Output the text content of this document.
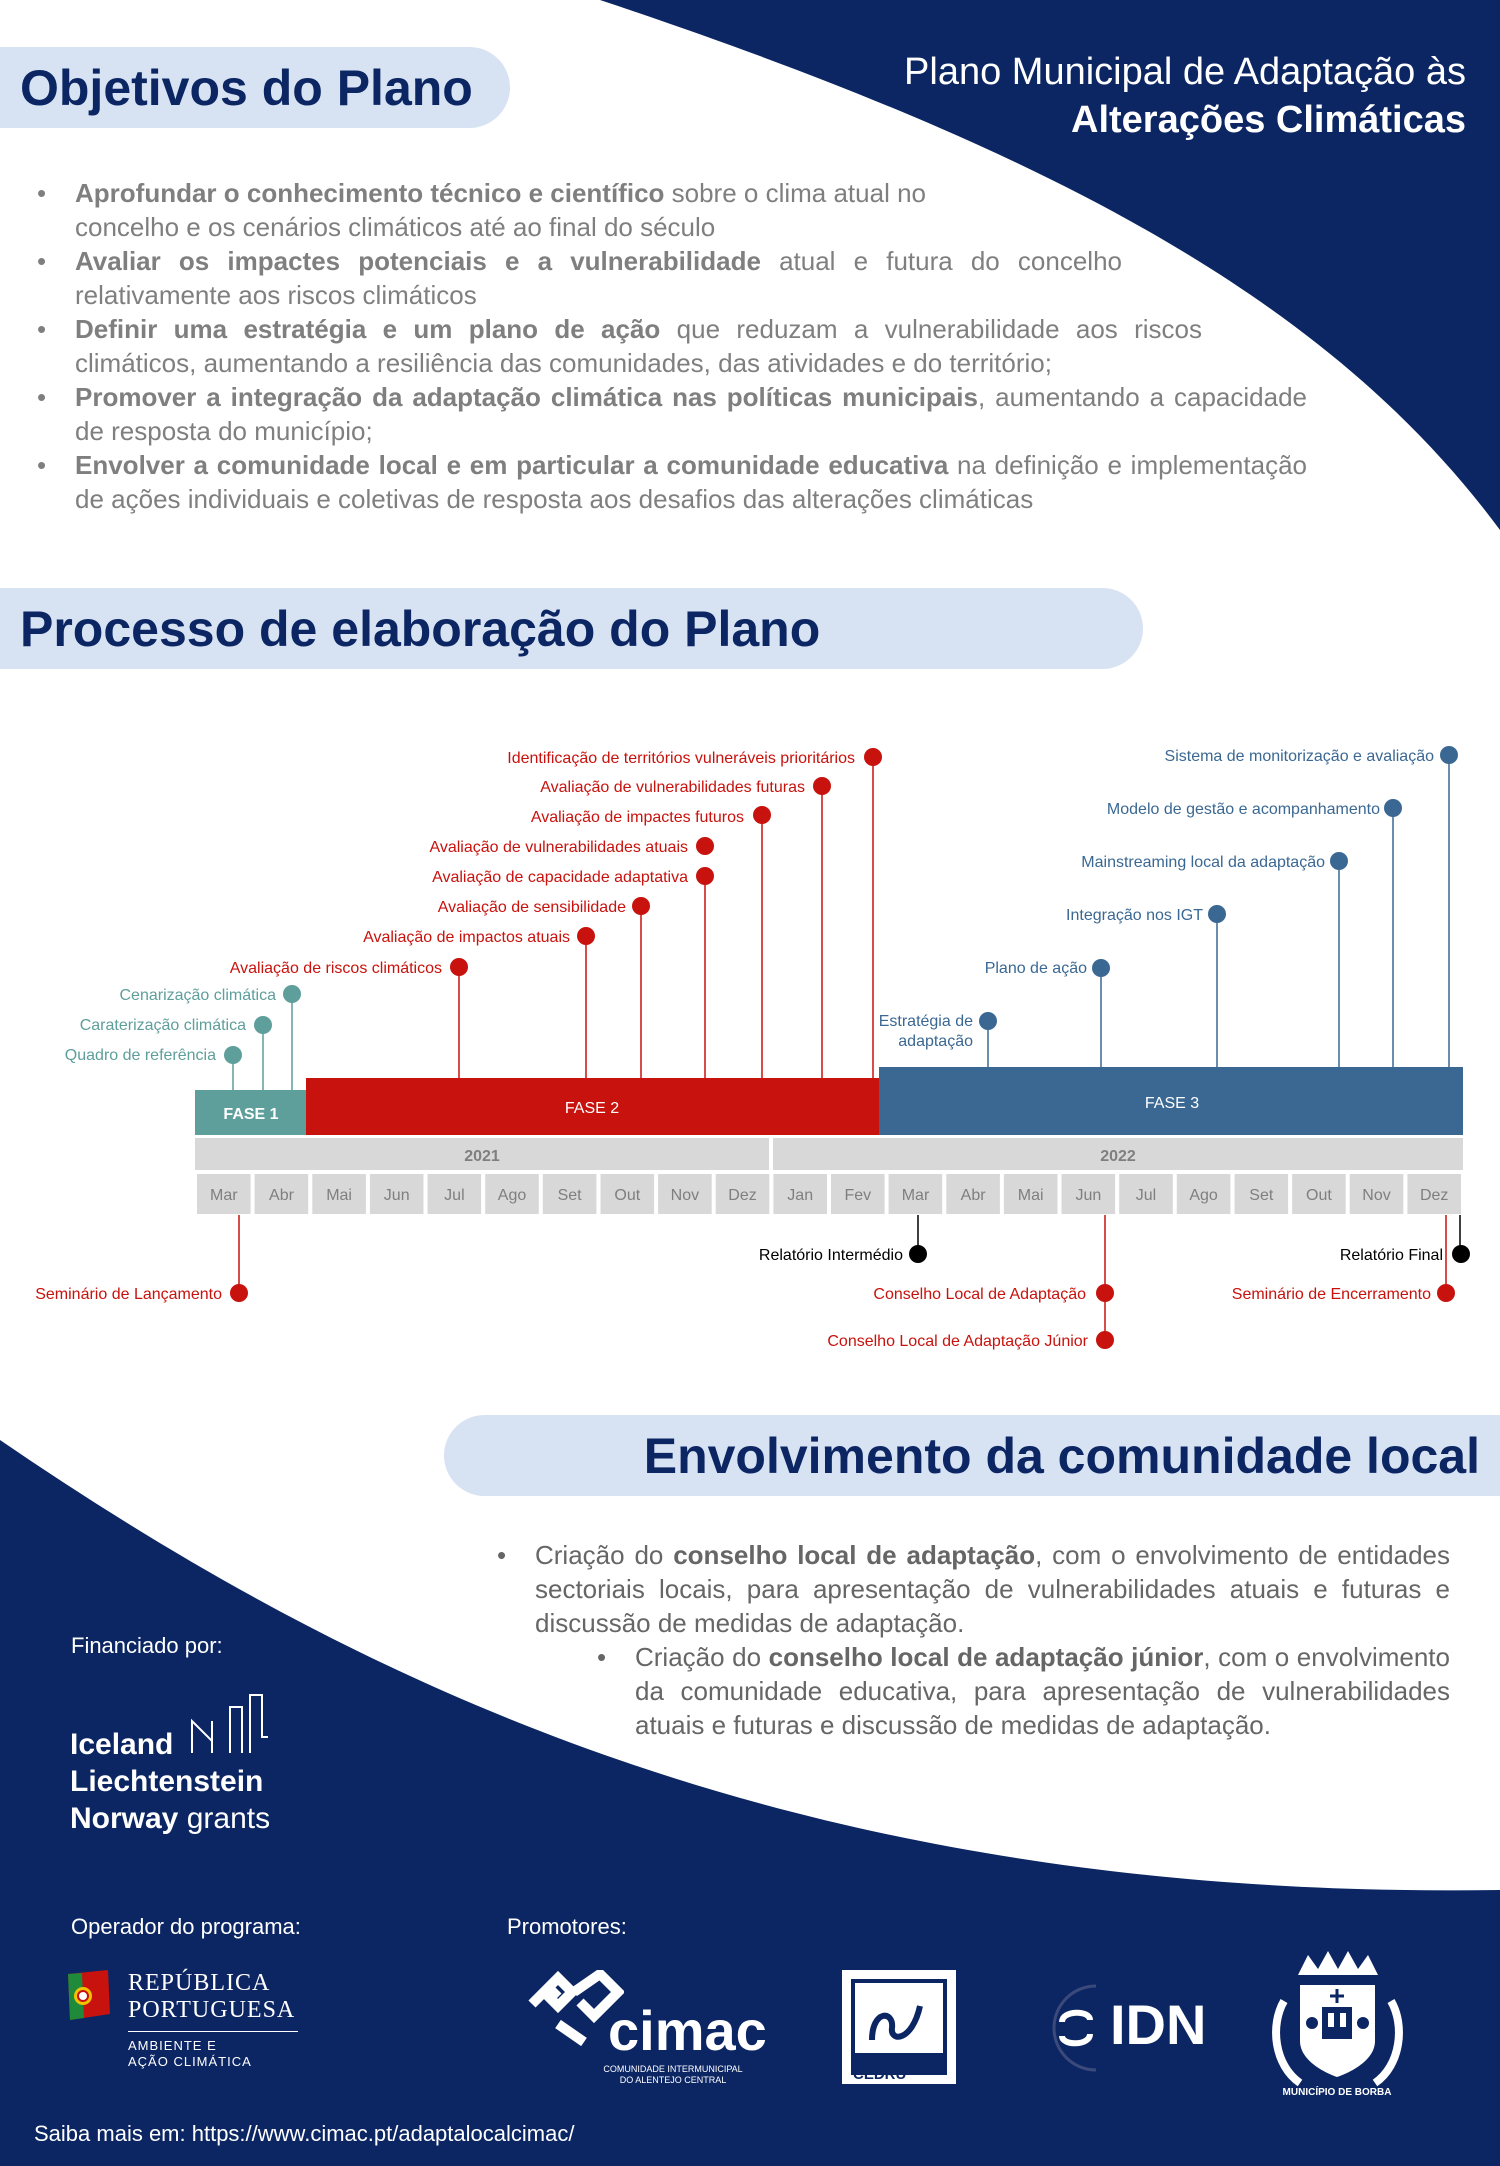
Plano Municipal de Adaptação às
Alterações Climáticas
Objetivos do Plano
• Aprofundar o conhecimento técnico e científico sobre o clima atual no concelho e os cenários climáticos até ao final do século
• Avaliar os impactes potenciais e a vulnerabilidade atual e futura do concelho relativamente aos riscos climáticos
• Definir uma estratégia e um plano de ação que reduzam a vulnerabilidade aos riscos climáticos, aumentando a resiliência das comunidades, das atividades e do território;
• Promover a integração da adaptação climática nas políticas municipais, aumentando a capacidade de resposta do município;
• Envolver a comunidade local e em particular a comunidade educativa na definição e implementação de ações individuais e coletivas de resposta aos desafios das alterações climáticas
Processo de elaboração do Plano
2021	2022
Mar Abr Mai Jun Jul Ago Set Out Nov Dez Jan Fev Mar Abr Mai Jun Jul Ago Set Out Nov Dez
FASE 1	FASE 2	FASE 3
Quadro de referência
Caraterização climática
Cenarização climática
Avaliação de riscos climáticos
Avaliação de impactos atuais
Avaliação de sensibilidade
Avaliação de capacidade adaptativa
Avaliação de vulnerabilidades atuais
Avaliação de impactes futuros
Avaliação de vulnerabilidades futuras
Identificação de territórios vulneráveis prioritários
Estratégia de
adaptação
Plano de ação
Integração nos IGT
Mainstreaming local da adaptação
Modelo de gestão e acompanhamento
Sistema de monitorização e avaliação
Seminário de Lançamento
Relatório Intermédio
Conselho Local de Adaptação
Conselho Local de Adaptação Júnior
Relatório Final
Seminário de Encerramento
Envolvimento da comunidade local
• Criação do conselho local de adaptação, com o envolvimento de entidades sectoriais locais, para apresentação de vulnerabilidades atuais e futuras e discussão de medidas de adaptação.
• Criação do conselho local de adaptação júnior, com o envolvimento da comunidade educativa, para apresentação de vulnerabilidades atuais e futuras e discussão de medidas de adaptação.
Financiado por:
Iceland
Liechtenstein
Norway grants
Operador do programa:
REPÚBLICA
PORTUGUESA
AMBIENTE E
AÇÃO CLIMÁTICA
Promotores:
cimac
COMUNIDADE INTERMUNICIPAL
DO ALENTEJO CENTRAL	CEDRU
IDN
MUNICÍPIO DE BORBA
Saiba mais em: https://www.cimac.pt/adaptalocalcimac/
